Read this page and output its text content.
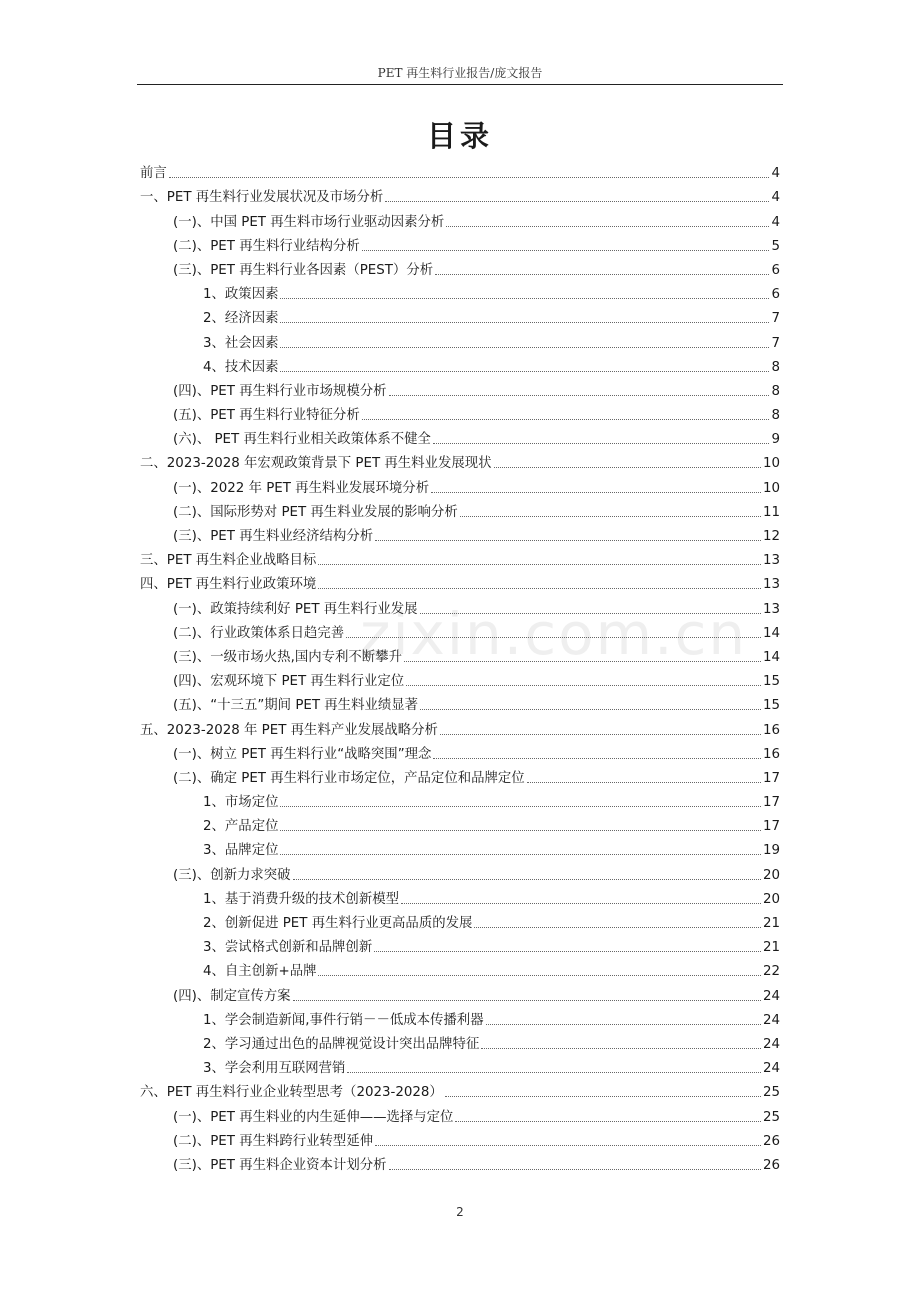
PET 再生料行业报告/庞文报告
目录
zixin.com.cn
前言	4
一、PET 再生料行业发展状况及市场分析	4
(一)、中国 PET 再生料市场行业驱动因素分析	4
(二)、PET 再生料行业结构分析	5
(三)、PET 再生料行业各因素（PEST）分析	6
1、政策因素	6
2、经济因素	7
3、社会因素	7
4、技术因素	8
(四)、PET 再生料行业市场规模分析	8
(五)、PET 再生料行业特征分析	8
(六)、 PET 再生料行业相关政策体系不健全	9
二、2023-2028 年宏观政策背景下 PET 再生料业发展现状	10
(一)、2022 年 PET 再生料业发展环境分析	10
(二)、国际形势对 PET 再生料业发展的影响分析	11
(三)、PET 再生料业经济结构分析	12
三、PET 再生料企业战略目标	13
四、PET 再生料行业政策环境	13
(一)、政策持续利好 PET 再生料行业发展	13
(二)、行业政策体系日趋完善	14
(三)、一级市场火热,国内专利不断攀升	14
(四)、宏观环境下 PET 再生料行业定位	15
(五)、“十三五”期间 PET 再生料业绩显著	15
五、2023-2028 年 PET 再生料产业发展战略分析	16
(一)、树立 PET 再生料行业“战略突围”理念	16
(二)、确定 PET 再生料行业市场定位，产品定位和品牌定位	17
1、市场定位	17
2、产品定位	17
3、品牌定位	19
(三)、创新力求突破	20
1、基于消费升级的技术创新模型	20
2、创新促进 PET 再生料行业更高品质的发展	21
3、尝试格式创新和品牌创新	21
4、自主创新+品牌	22
(四)、制定宣传方案	24
1、学会制造新闻,事件行销－－低成本传播利器	24
2、学习通过出色的品牌视觉设计突出品牌特征	24
3、学会利用互联网营销	24
六、PET 再生料行业企业转型思考（2023-2028）	25
(一)、PET 再生料业的内生延伸——选择与定位	25
(二)、PET 再生料跨行业转型延伸	26
(三)、PET 再生料企业资本计划分析	26
2
